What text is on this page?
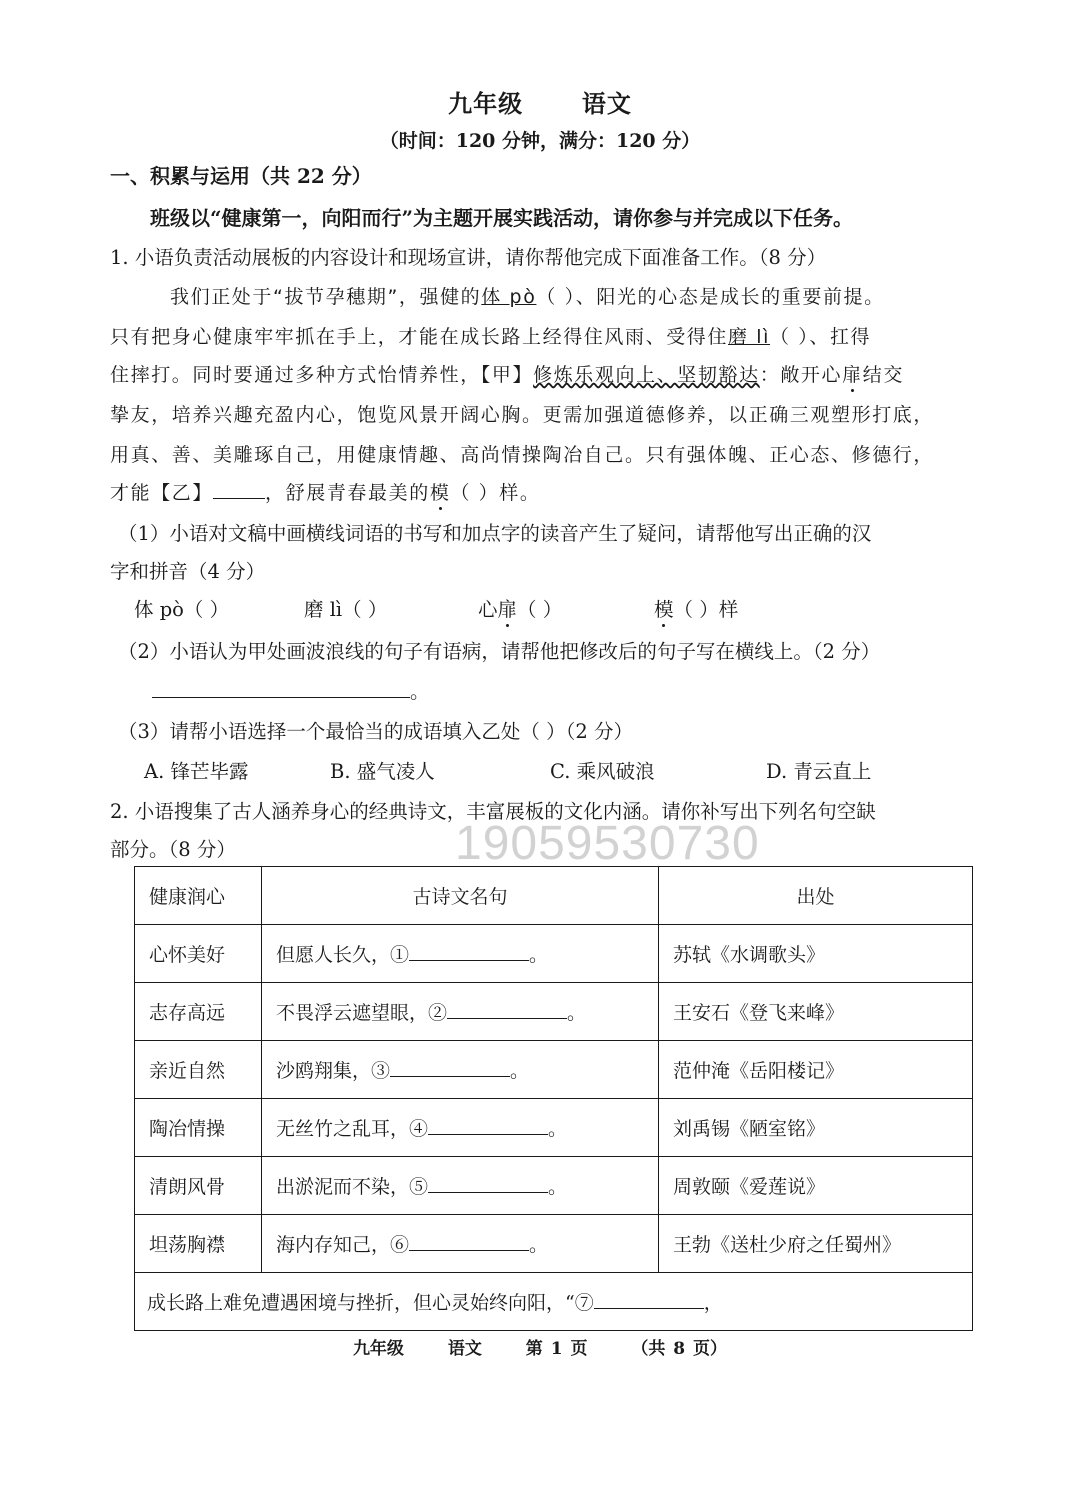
九年级 语文
（时间：120 分钟，满分：120 分）
一、积累与运用（共 22 分）
班级以“健康第一，向阳而行”为主题开展实践活动，请你参与并完成以下任务。
1. 小语负责活动展板的内容设计和现场宣讲，请你帮他完成下面准备工作。（8 分）
我们正处于“拔节孕穗期”，强健的体 pò（ ）、阳光的心态是成长的重要前提。
只有把身心健康牢牢抓在手上，才能在成长路上经得住风雨、受得住磨 lì（ ）、扛得
住摔打。同时要通过多种方式怡情养性，【甲】修炼乐观向上、坚韧豁达：敞开心扉结交
挚友，培养兴趣充盈内心，饱览风景开阔心胸。更需加强道德修养，以正确三观塑形打底，
用真、善、美雕琢自己，用健康情趣、高尚情操陶冶自己。只有强体魄、正心态、修德行，
才能【乙】	，舒展青春最美的模（ ）样。
（1）小语对文稿中画横线词语的书写和加点字的读音产生了疑问，请帮他写出正确的汉
字和拼音（4 分）
体 pò（ ）	磨 lì（ ）	心扉（ ）	模（ ）样
（2）小语认为甲处画波浪线的句子有语病，请帮他把修改后的句子写在横线上。（2 分）
。
（3）请帮小语选择一个最恰当的成语填入乙处（ ）（2 分）
A. 锋芒毕露	B. 盛气凌人	C. 乘风破浪	D. 青云直上
2. 小语搜集了古人涵养身心的经典诗文，丰富展板的文化内涵。请你补写出下列名句空缺
部分。（8 分）	19059530730
健康润心	古诗文名句	出处
心怀美好	但愿人长久，① 。	苏轼《水调歌头》
志存高远	不畏浮云遮望眼，② 。	王安石《登飞来峰》
亲近自然	沙鸥翔集，③ 。	范仲淹《岳阳楼记》
陶冶情操	无丝竹之乱耳，④ 。	刘禹锡《陋室铭》
清朗风骨	出淤泥而不染，⑤ 。	周敦颐《爱莲说》
坦荡胸襟	海内存知己，⑥ 。	王勃《送杜少府之任蜀州》
成长路上难免遭遇困境与挫折，但心灵始终向阳，“⑦ ，		
九年级	语文	第 1 页	（共 8 页）
